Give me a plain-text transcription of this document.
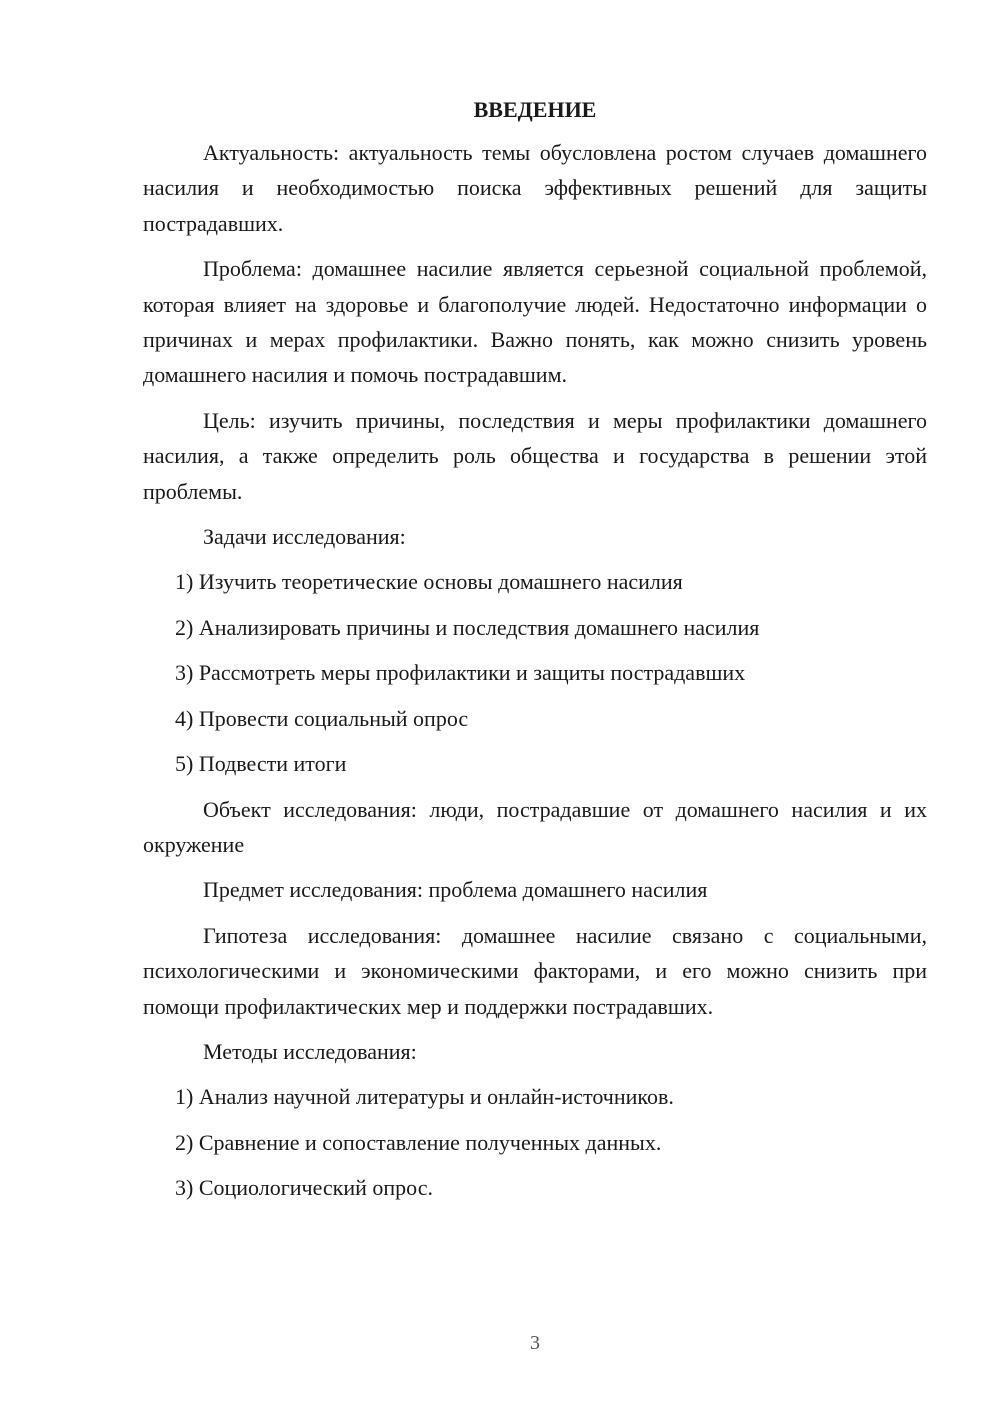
ВВЕДЕНИЕ

Актуальность: актуальность темы обусловлена ростом случаев домашнего насилия и необходимостью поиска эффективных решений для защиты пострадавших.

Проблема: домашнее насилие является серьезной социальной проблемой, которая влияет на здоровье и благополучие людей. Недостаточно информации о причинах и мерах профилактики. Важно понять, как можно снизить уровень домашнего насилия и помочь пострадавшим.

Цель: изучить причины, последствия и меры профилактики домашнего насилия, а также определить роль общества и государства в решении этой проблемы.

Задачи исследования:

1) Изучить теоретические основы домашнего насилия

2) Анализировать причины и последствия домашнего насилия

3) Рассмотреть меры профилактики и защиты пострадавших

4) Провести социальный опрос

5) Подвести итоги

Объект исследования: люди, пострадавшие от домашнего насилия и их окружение

Предмет исследования: проблема домашнего насилия

Гипотеза исследования: домашнее насилие связано с социальными, психологическими и экономическими факторами, и его можно снизить при помощи профилактических мер и поддержки пострадавших.

Методы исследования:

1) Анализ научной литературы и онлайн-источников.

2) Сравнение и сопоставление полученных данных.

3) Социологический опрос.

3
